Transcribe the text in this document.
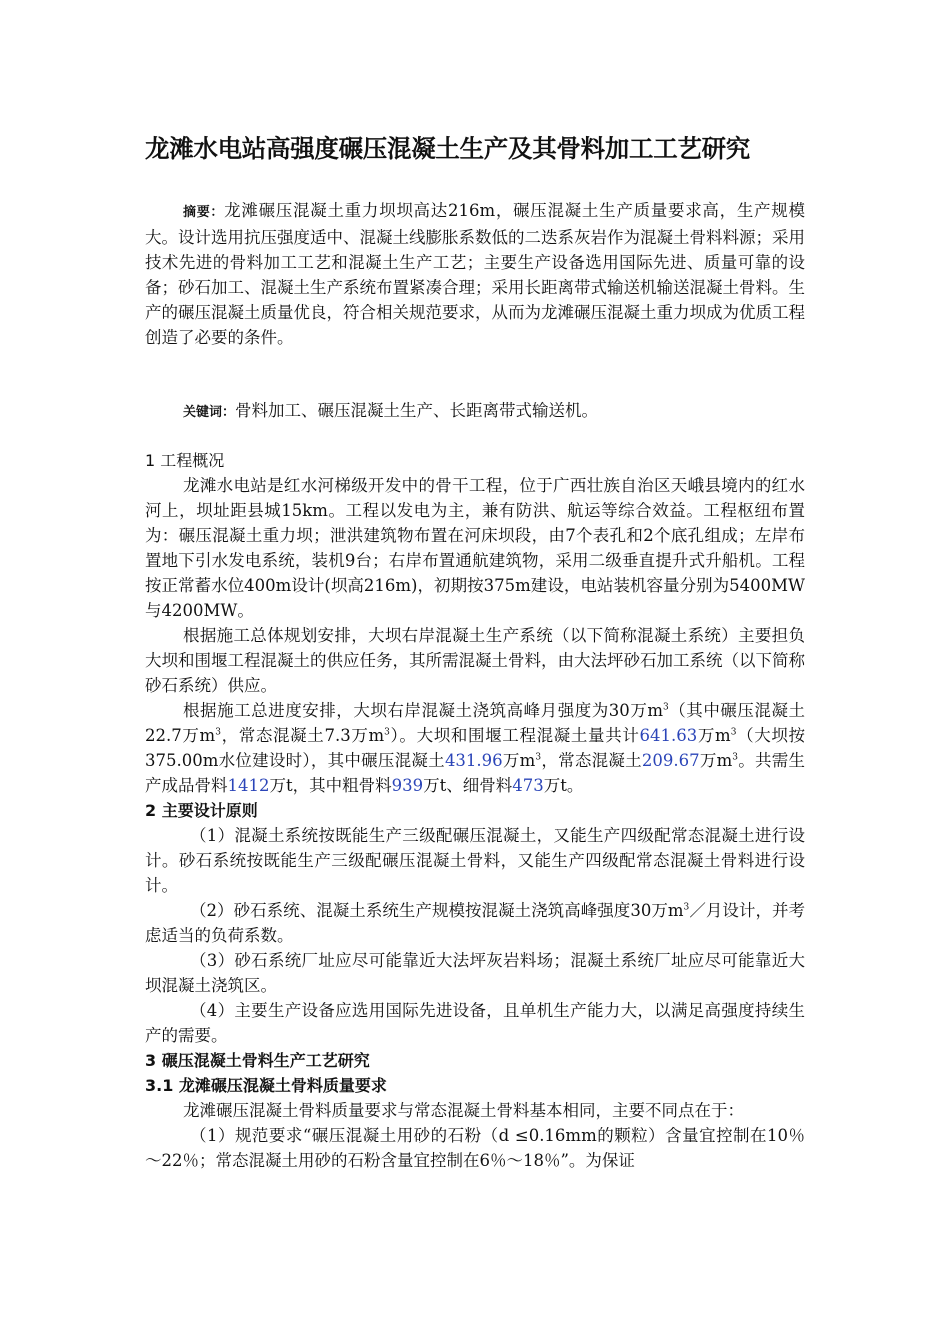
龙滩水电站高强度碾压混凝土生产及其骨料加工工艺研究

摘要：龙滩碾压混凝土重力坝坝高达216m，碾压混凝土生产质量要求高，生产规模大。设计选用抗压强度适中、混凝土线膨胀系数低的二迭系灰岩作为混凝土骨料料源；采用技术先进的骨料加工工艺和混凝土生产工艺；主要生产设备选用国际先进、质量可靠的设备；砂石加工、混凝土生产系统布置紧凑合理；采用长距离带式输送机输送混凝土骨料。生产的碾压混凝土质量优良，符合相关规范要求，从而为龙滩碾压混凝土重力坝成为优质工程创造了必要的条件。

关键词：骨料加工、碾压混凝土生产、长距离带式输送机。

1 工程概况

龙滩水电站是红水河梯级开发中的骨干工程，位于广西壮族自治区天峨县境内的红水河上，坝址距县城15km。工程以发电为主，兼有防洪、航运等综合效益。工程枢纽布置为：碾压混凝土重力坝；泄洪建筑物布置在河床坝段，由7个表孔和2个底孔组成；左岸布置地下引水发电系统，装机9台；右岸布置通航建筑物，采用二级垂直提升式升船机。工程按正常蓄水位400m设计(坝高216m)，初期按375m建设，电站装机容量分别为5400MW与4200MW。

根据施工总体规划安排，大坝右岸混凝土生产系统（以下简称混凝土系统）主要担负大坝和围堰工程混凝土的供应任务，其所需混凝土骨料，由大法坪砂石加工系统（以下简称砂石系统）供应。

根据施工总进度安排，大坝右岸混凝土浇筑高峰月强度为30万$m^3$（其中碾压混凝土22.7万$m^3$，常态混凝土7.3万$m^3$）。大坝和围堰工程混凝土量共计641.63万$m^3$（大坝按375.00m水位建设时），其中碾压混凝土431.96万$m^3$，常态混凝土209.67万$m^3$。共需生产成品骨料1412万t，其中粗骨料939万t、细骨料473万t。

2 主要设计原则

（1）混凝土系统按既能生产三级配碾压混凝土，又能生产四级配常态混凝土进行设计。砂石系统按既能生产三级配碾压混凝土骨料，又能生产四级配常态混凝土骨料进行设计。

（2）砂石系统、混凝土系统生产规模按混凝土浇筑高峰强度30万$m^3/$月设计，并考虑适当的负荷系数。

（3）砂石系统厂址应尽可能靠近大法坪灰岩料场；混凝土系统厂址应尽可能靠近大坝混凝土浇筑区。

（4）主要生产设备应选用国际先进设备，且单机生产能力大，以满足高强度持续生产的需要。

3 碾压混凝土骨料生产工艺研究
3.1 龙滩碾压混凝土骨料质量要求

龙滩碾压混凝土骨料质量要求与常态混凝土骨料基本相同，主要不同点在于：

（1）规范要求“碾压混凝土用砂的石粉（d ≤0.16mm的颗粒）含量宜控制在10％～22％；常态混凝土用砂的石粉含量宜控制在6％～18％”。为保证
